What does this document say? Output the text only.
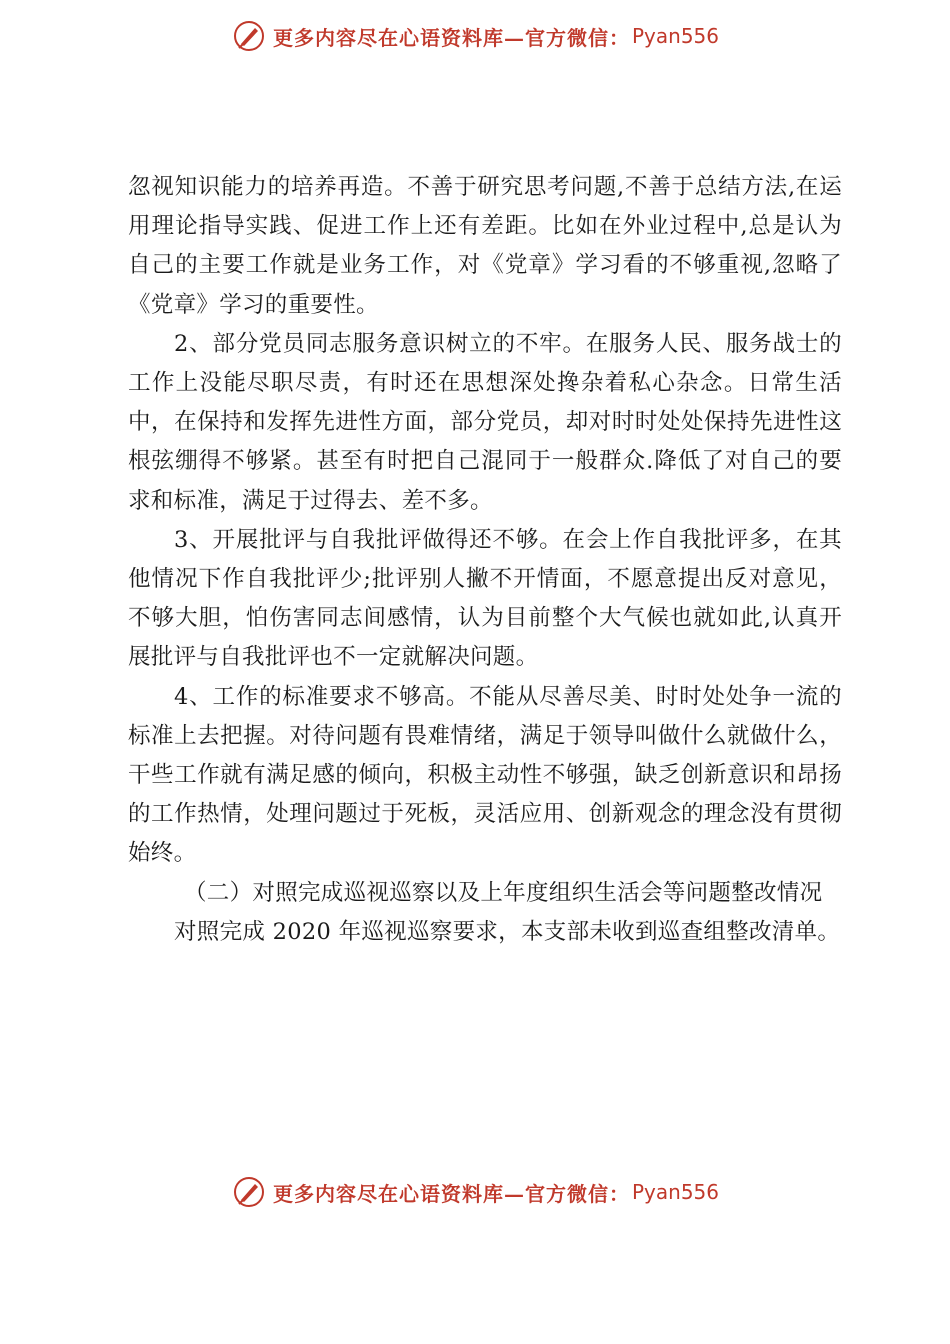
更多内容尽在心语资料库—官方微信： Pyan556

忽视知识能力的培养再造。不善于研究思考问题,不善于总结方法,在运用理论指导实践、促进工作上还有差距。比如在外业过程中,总是认为自己的主要工作就是业务工作，对《党章》学习看的不够重视,忽略了《党章》学习的重要性。

2、部分党员同志服务意识树立的不牢。在服务人民、服务战士的工作上没能尽职尽责，有时还在思想深处搀杂着私心杂念。日常生活中，在保持和发挥先进性方面，部分党员，却对时时处处保持先进性这根弦绷得不够紧。甚至有时把自己混同于一般群众.降低了对自己的要求和标准，满足于过得去、差不多。

3、开展批评与自我批评做得还不够。在会上作自我批评多，在其他情况下作自我批评少;批评别人撇不开情面，不愿意提出反对意见，不够大胆，怕伤害同志间感情，认为目前整个大气候也就如此,认真开展批评与自我批评也不一定就解决问题。

4、工作的标准要求不够高。不能从尽善尽美、时时处处争一流的标准上去把握。对待问题有畏难情绪，满足于领导叫做什么就做什么，干些工作就有满足感的倾向，积极主动性不够强，缺乏创新意识和昂扬的工作热情，处理问题过于死板，灵活应用、创新观念的理念没有贯彻始终。

（二）对照完成巡视巡察以及上年度组织生活会等问题整改情况

对照完成 2020 年巡视巡察要求，本支部未收到巡查组整改清单。

更多内容尽在心语资料库—官方微信： Pyan556
